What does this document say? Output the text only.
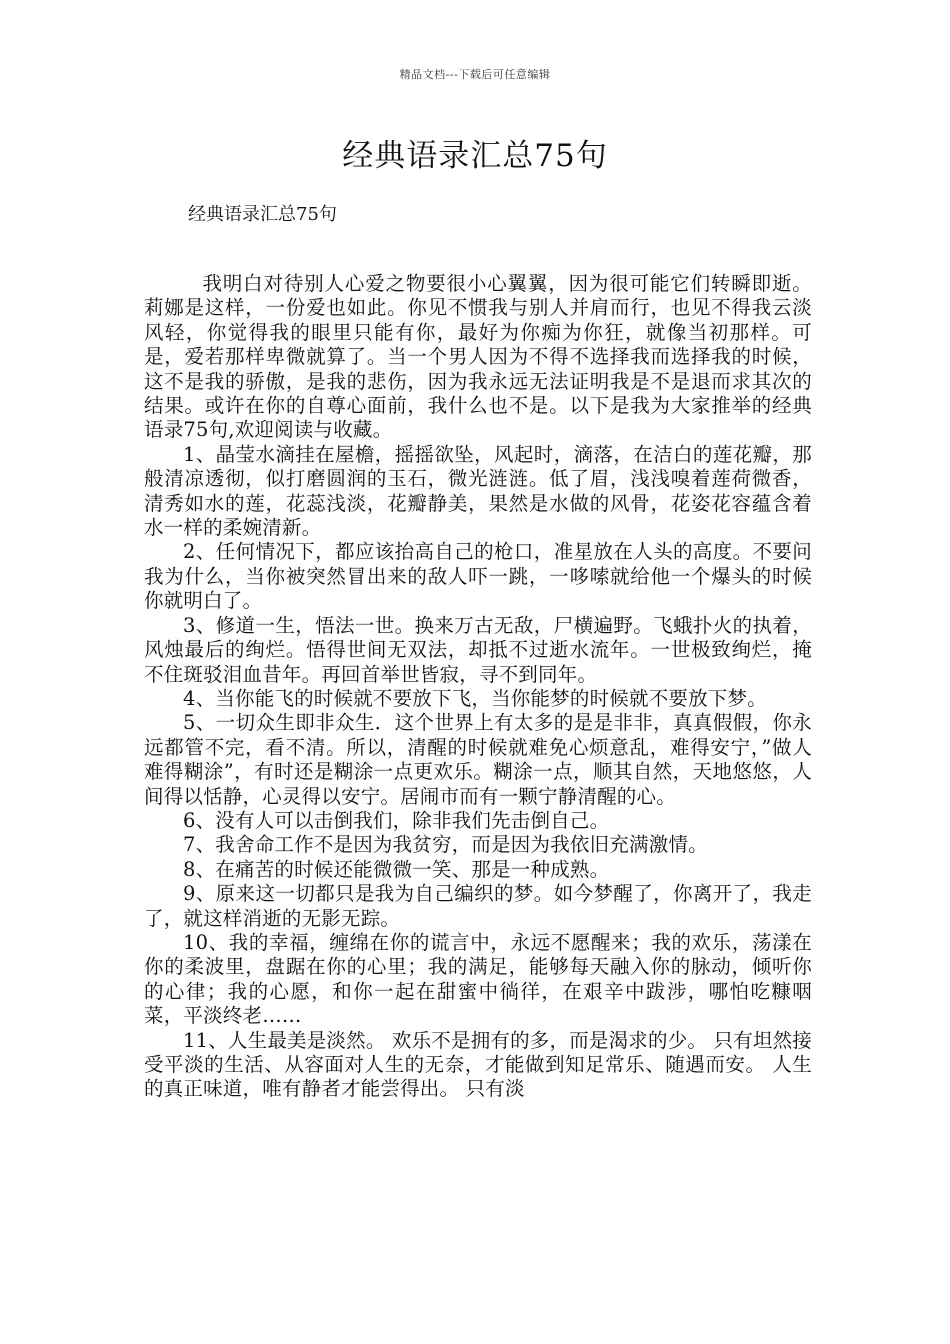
精品文档---下载后可任意编辑
经典语录汇总75句

经典语录汇总75句

我明白对待别人心爱之物要很小心翼翼，因为很可能它们转瞬即逝。莉娜是这样，一份爱也如此。你见不惯我与别人并肩而行，也见不得我云淡风轻，你觉得我的眼里只能有你，最好为你痴为你狂，就像当初那样。可是，爱若那样卑微就算了。当一个男人因为不得不选择我而选择我的时候，这不是我的骄傲，是我的悲伤，因为我永远无法证明我是不是退而求其次的结果。或许在你的自尊心面前，我什么也不是。以下是我为大家推举的经典语录75句,欢迎阅读与收藏。

1、晶莹水滴挂在屋檐，摇摇欲坠，风起时，滴落，在洁白的莲花瓣，那般清凉透彻，似打磨圆润的玉石，微光涟涟。低了眉，浅浅嗅着莲荷微香，清秀如水的莲，花蕊浅淡，花瓣静美，果然是水做的风骨，花姿花容蕴含着水一样的柔婉清新。

2、任何情况下，都应该抬高自己的枪口，准星放在人头的高度。不要问我为什么，当你被突然冒出来的敌人吓一跳，一哆嗦就给他一个爆头的时候你就明白了。

3、修道一生，悟法一世。换来万古无敌，尸横遍野。飞蛾扑火的执着，风烛最后的绚烂。悟得世间无双法，却抵不过逝水流年。一世极致绚烂，掩不住斑驳泪血昔年。再回首举世皆寂，寻不到同年。

4、当你能飞的时候就不要放下飞，当你能梦的时候就不要放下梦。

5、一切众生即非众生．这个世界上有太多的是是非非，真真假假，你永远都管不完，看不清。所以，清醒的时候就难免心烦意乱，难得安宁，”做人难得糊涂”，有时还是糊涂一点更欢乐。糊涂一点，顺其自然，天地悠悠，人间得以恬静，心灵得以安宁。居闹市而有一颗宁静清醒的心。

6、没有人可以击倒我们，除非我们先击倒自己。

7、我舍命工作不是因为我贫穷，而是因为我依旧充满激情。

8、在痛苦的时候还能微微一笑、那是一种成熟。

9、原来这一切都只是我为自己编织的梦。如今梦醒了，你离开了，我走了，就这样消逝的无影无踪。

10、我的幸福，缠绵在你的谎言中，永远不愿醒来；我的欢乐，荡漾在你的柔波里，盘踞在你的心里；我的满足，能够每天融入你的脉动，倾听你的心律；我的心愿，和你一起在甜蜜中徜徉，在艰辛中跋涉，哪怕吃糠咽菜，平淡终老……

11、人生最美是淡然。 欢乐不是拥有的多，而是渴求的少。 只有坦然接受平淡的生活、从容面对人生的无奈，才能做到知足常乐、随遇而安。 人生的真正味道，唯有静者才能尝得出。 只有淡
